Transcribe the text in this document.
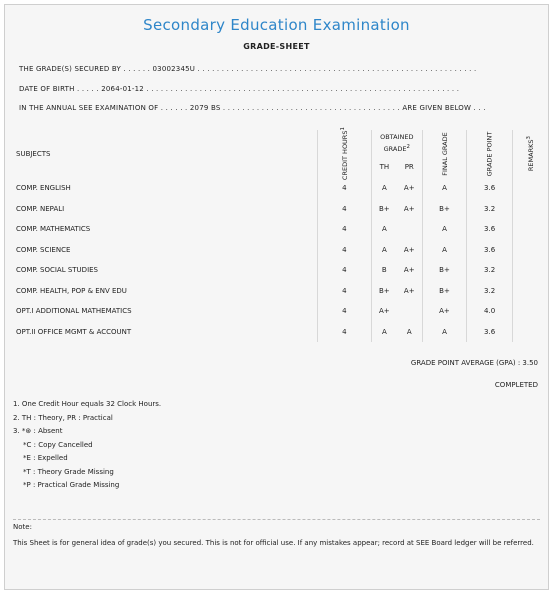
Secondary Education Examination
GRADE-SHEET
THE GRADE(S) SECURED BY . . . . . . 03002345U . . . . . . . . . . . . . . . . . . . . . . . . . . . . . . . . . . . . . . . . . . . . . . . . . . . . . . . . . .
DATE OF BIRTH . . . . . 2064-01-12 . . . . . . . . . . . . . . . . . . . . . . . . . . . . . . . . . . . . . . . . . . . . . . . . . . . . . . . . . . . . . . . . .
IN THE ANNUAL SEE EXAMINATION OF . . . . . . 2079 BS . . . . . . . . . . . . . . . . . . . . . . . . . . . . . . . . . . . . . ARE GIVEN BELOW . . .
SUBJECTS	CREDIT HOURS$^1$	OBTAINED GRADE$^2$		FINAL GRADE	GRADE POINT	REMARKS$^3$
		TH	PR			
COMP. ENGLISH	4	A	A+	A	3.6	
COMP. NEPALI	4	B+	A+	B+	3.2	
COMP. MATHEMATICS	4	A		A	3.6	
COMP. SCIENCE	4	A	A+	A	3.6	
COMP. SOCIAL STUDIES	4	B	A+	B+	3.2	
COMP. HEALTH, POP & ENV EDU	4	B+	A+	B+	3.2	
OPT.I ADDITIONAL MATHEMATICS	4	A+		A+	4.0	
OPT.II OFFICE MGMT & ACCOUNT	4	A	A	A	3.6	
GRADE POINT AVERAGE (GPA) : 3.50
COMPLETED
1. One Credit Hour equals 32 Clock Hours.
2. TH : Theory, PR : Practical
3. *⊛ : Absent
*C : Copy Cancelled
*E : Expelled
*T : Theory Grade Missing
*P : Practical Grade Missing
Note:
This Sheet is for general idea of grade(s) you secured. This is not for official use. If any mistakes appear; record at SEE Board ledger will be referred.
